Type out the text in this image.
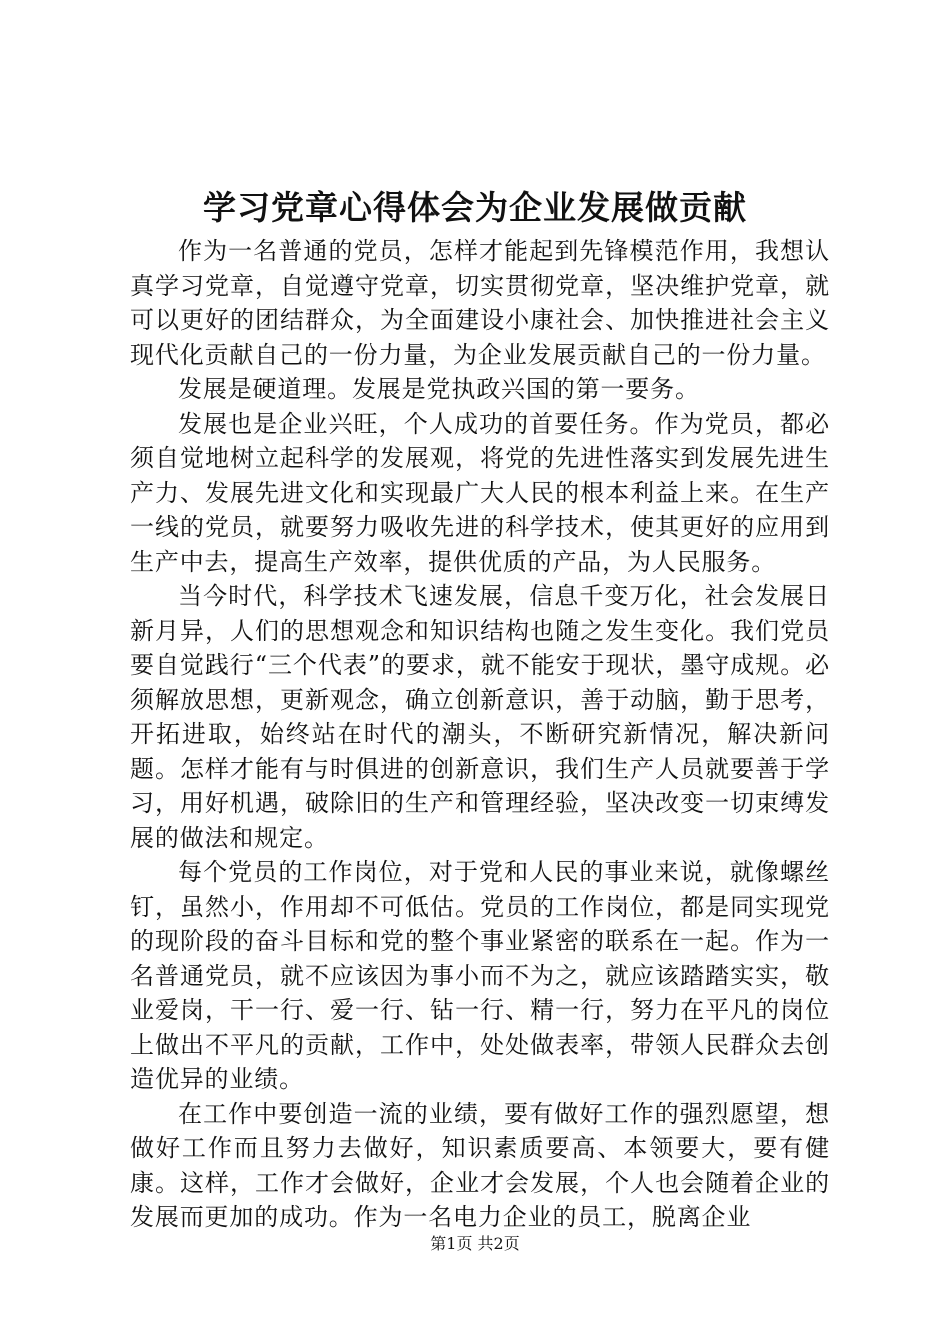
学习党章心得体会为企业发展做贡献

作为一名普通的党员，怎样才能起到先锋模范作用，我想认真学习党章，自觉遵守党章，切实贯彻党章，坚决维护党章，就可以更好的团结群众，为全面建设小康社会、加快推进社会主义现代化贡献自己的一份力量，为企业发展贡献自己的一份力量。

发展是硬道理。发展是党执政兴国的第一要务。

发展也是企业兴旺，个人成功的首要任务。作为党员，都必须自觉地树立起科学的发展观，将党的先进性落实到发展先进生产力、发展先进文化和实现最广大人民的根本利益上来。在生产一线的党员，就要努力吸收先进的科学技术，使其更好的应用到生产中去，提高生产效率，提供优质的产品，为人民服务。

当今时代，科学技术飞速发展，信息千变万化，社会发展日新月异，人们的思想观念和知识结构也随之发生变化。我们党员要自觉践行“三个代表”的要求，就不能安于现状，墨守成规。必须解放思想，更新观念，确立创新意识，善于动脑，勤于思考，开拓进取，始终站在时代的潮头，不断研究新情况，解决新问题。怎样才能有与时俱进的创新意识，我们生产人员就要善于学习，用好机遇，破除旧的生产和管理经验，坚决改变一切束缚发展的做法和规定。

每个党员的工作岗位，对于党和人民的事业来说，就像螺丝钉，虽然小，作用却不可低估。党员的工作岗位，都是同实现党的现阶段的奋斗目标和党的整个事业紧密的联系在一起。作为一名普通党员，就不应该因为事小而不为之，就应该踏踏实实，敬业爱岗，干一行、爱一行、钻一行、精一行，努力在平凡的岗位上做出不平凡的贡献，工作中，处处做表率，带领人民群众去创造优异的业绩。

在工作中要创造一流的业绩，要有做好工作的强烈愿望，想做好工作而且努力去做好，知识素质要高、本领要大，要有健康。这样，工作才会做好，企业才会发展，个人也会随着企业的发展而更加的成功。作为一名电力企业的员工，脱离企业

第1页 共2页
